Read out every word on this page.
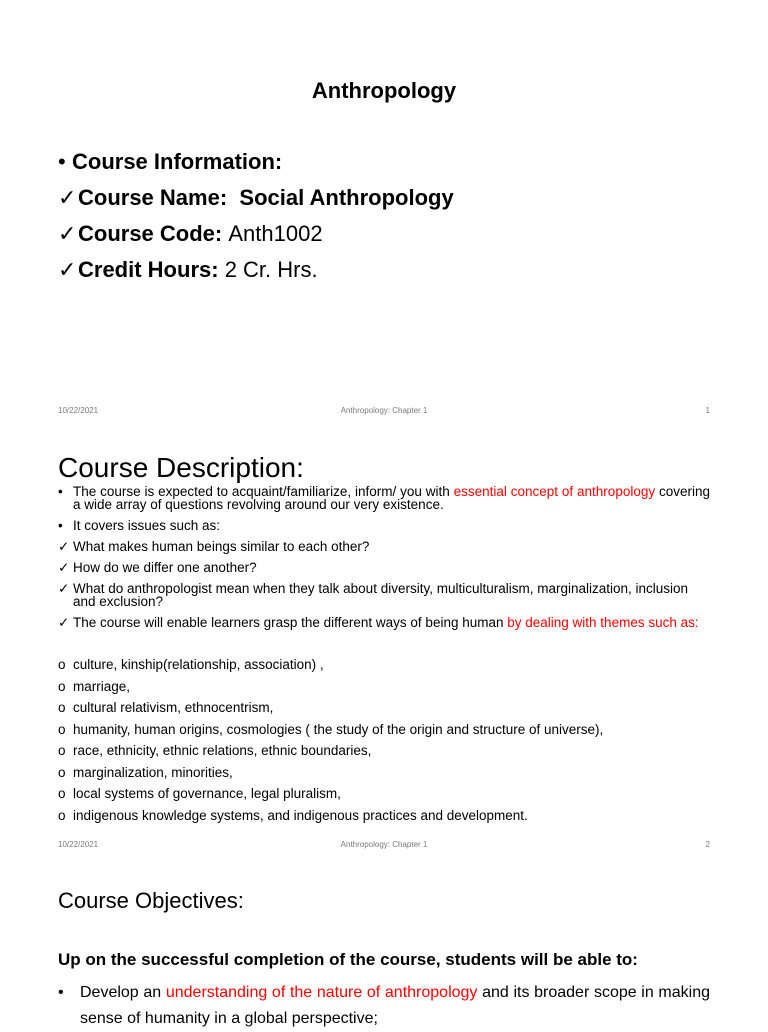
Anthropology
• Course Information:
✓Course Name: Social Anthropology
✓Course Code: Anth1002
✓Credit Hours: 2 Cr. Hrs.
10/22/2021	Anthropology: Chapter 1	1
Course Description:
• The course is expected to acquaint/familiarize, inform/ you with essential concept of anthropology covering a wide array of questions revolving around our very existence.
• It covers issues such as:
✓ What makes human beings similar to each other?
✓ How do we differ one another?
✓ What do anthropologist mean when they talk about diversity, multiculturalism, marginalization, inclusion and exclusion?
✓ The course will enable learners grasp the different ways of being human by dealing with themes such as:
o culture, kinship(relationship, association) ,
o marriage,
o cultural relativism, ethnocentrism,
o humanity, human origins, cosmologies ( the study of the origin and structure of universe),
o race, ethnicity, ethnic relations, ethnic boundaries,
o marginalization, minorities,
o local systems of governance, legal pluralism,
o indigenous knowledge systems, and indigenous practices and development.
10/22/2021	Anthropology: Chapter 1	2
Course Objectives:
Up on the successful completion of the course, students will be able to:
•	Develop an understanding of the nature of anthropology and its broader scope in making sense of humanity in a global perspective;
